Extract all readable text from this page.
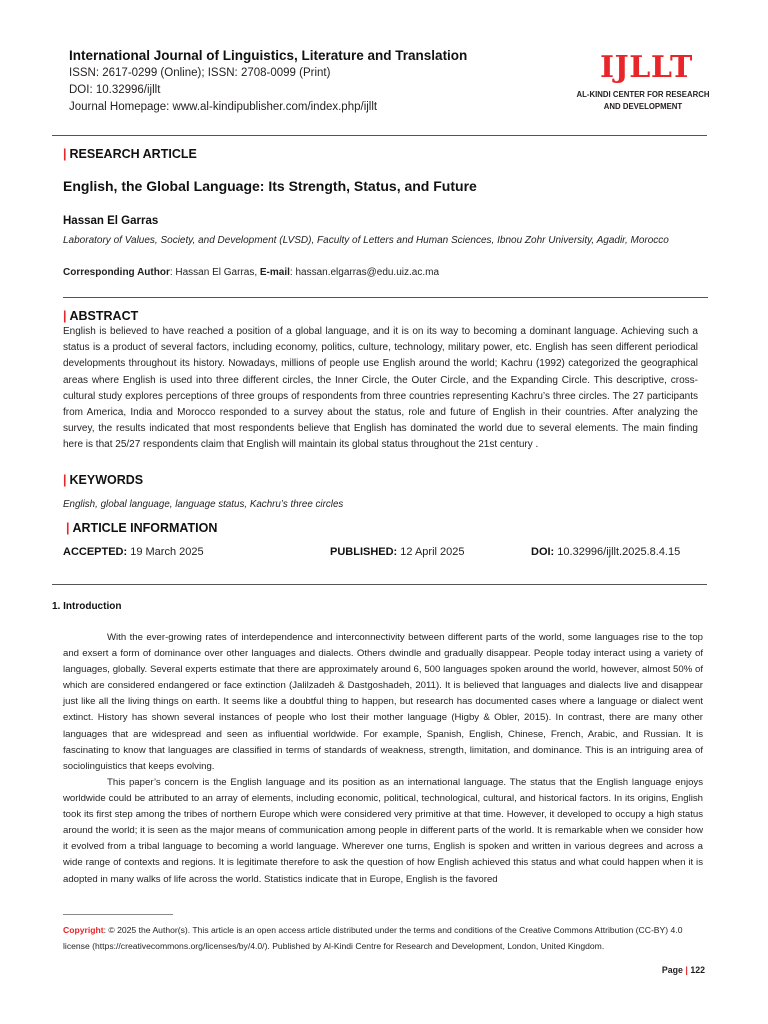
International Journal of Linguistics, Literature and Translation
ISSN: 2617-0299 (Online); ISSN: 2708-0099 (Print)
DOI: 10.32996/ijllt
Journal Homepage: www.al-kindipublisher.com/index.php/ijllt
IJLLT
AL-KINDI CENTER FOR RESEARCH
AND DEVELOPMENT
| RESEARCH ARTICLE
English, the Global Language: Its Strength, Status, and Future
Hassan El Garras
Laboratory of Values, Society, and Development (LVSD), Faculty of Letters and Human Sciences, Ibnou Zohr University, Agadir, Morocco
Corresponding Author: Hassan El Garras, E-mail: hassan.elgarras@edu.uiz.ac.ma
| ABSTRACT
English is believed to have reached a position of a global language, and it is on its way to becoming a dominant language. Achieving such a status is a product of several factors, including economy, politics, culture, technology, military power, etc. English has seen different periodical developments throughout its history. Nowadays, millions of people use English around the world; Kachru (1992) categorized the geographical areas where English is used into three different circles, the Inner Circle, the Outer Circle, and the Expanding Circle. This descriptive, cross-cultural study explores perceptions of three groups of respondents from three countries representing Kachru’s three circles. The 27 participants from America, India and Morocco responded to a survey about the status, role and future of English in their countries. After analyzing the survey, the results indicated that most respondents believe that English has dominated the world due to several elements. The main finding here is that 25/27 respondents claim that English will maintain its global status throughout the 21st century .
| KEYWORDS
English, global language, language status, Kachru’s three circles
| ARTICLE INFORMATION
ACCEPTED: 19 March 2025	PUBLISHED: 12 April 2025	DOI: 10.32996/ijllt.2025.8.4.15
1. Introduction
With the ever-growing rates of interdependence and interconnectivity between different parts of the world, some languages rise to the top and exsert a form of dominance over other languages and dialects. Others dwindle and gradually disappear. People today interact using a variety of languages, globally. Several experts estimate that there are approximately around 6, 500 languages spoken around the world, however, almost 50% of which are considered endangered or face extinction (Jalilzadeh & Dastgoshadeh, 2011). It is believed that languages and dialects live and disappear just like all the living things on earth. It seems like a doubtful thing to happen, but research has documented cases where a language or dialect went extinct. History has shown several instances of people who lost their mother language (Higby & Obler, 2015). In contrast, there are many other languages that are widespread and seen as influential worldwide. For example, Spanish, English, Chinese, French, Arabic, and Russian. It is fascinating to know that languages are classified in terms of standards of weakness, strength, limitation, and dominance. This is an intriguing area of sociolinguistics that keeps evolving.
This paper’s concern is the English language and its position as an international language. The status that the English language enjoys worldwide could be attributed to an array of elements, including economic, political, technological, cultural, and historical factors. In its origins, English took its first step among the tribes of northern Europe which were considered very primitive at that time. However, it developed to occupy a high status around the world; it is seen as the major means of communication among people in different parts of the world. It is remarkable when we consider how it evolved from a tribal language to becoming a world language. Wherever one turns, English is spoken and written in various degrees and across a wide range of contexts and regions. It is legitimate therefore to ask the question of how English achieved this status and what could happen when it is adopted in many walks of life across the world. Statistics indicate that in Europe, English is the favored
Copyright: © 2025 the Author(s). This article is an open access article distributed under the terms and conditions of the Creative Commons Attribution (CC-BY) 4.0 license (https://creativecommons.org/licenses/by/4.0/). Published by Al-Kindi Centre for Research and Development, London, United Kingdom.
Page | 122
